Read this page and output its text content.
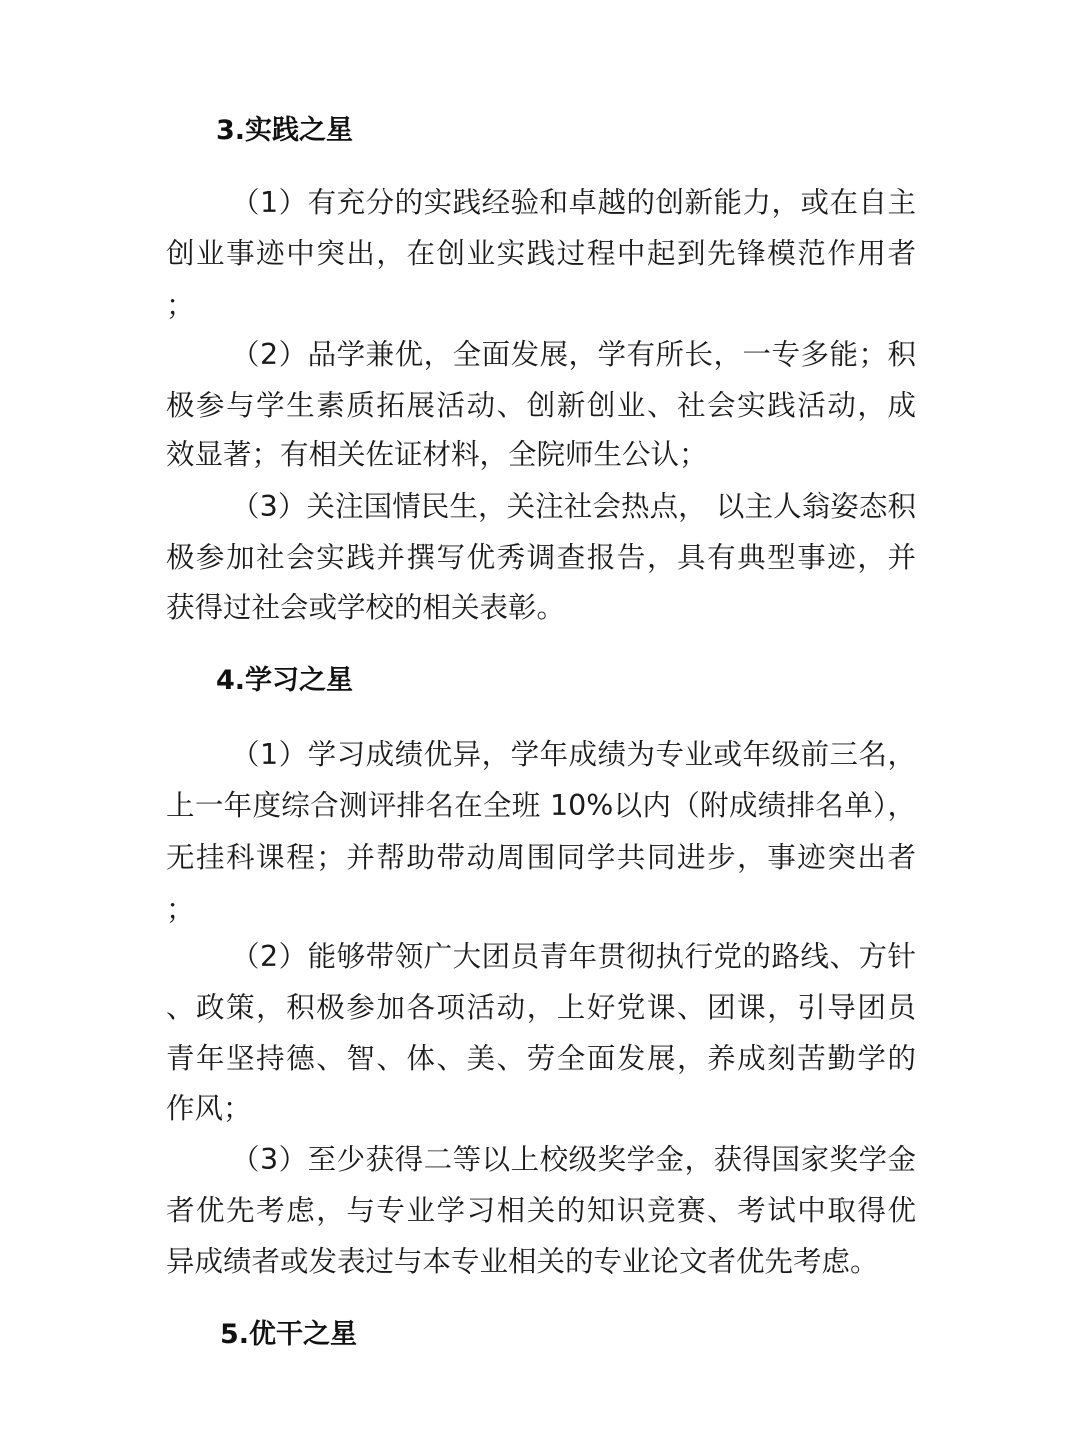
3.实践之星
（1）有充分的实践经验和卓越的创新能力，或在自主
创业事迹中突出，在创业实践过程中起到先锋模范作用者
；
（2）品学兼优，全面发展，学有所长，一专多能；积
极参与学生素质拓展活动、创新创业、社会实践活动，成
效显著；有相关佐证材料，全院师生公认；
（3）关注国情民生，关注社会热点， 以主人翁姿态积
极参加社会实践并撰写优秀调查报告，具有典型事迹，并
获得过社会或学校的相关表彰。
4.学习之星
（1）学习成绩优异，学年成绩为专业或年级前三名，
上一年度综合测评排名在全班 10%以内（附成绩排名单），
无挂科课程；并帮助带动周围同学共同进步，事迹突出者
；
（2）能够带领广大团员青年贯彻执行党的路线、方针
、政策，积极参加各项活动，上好党课、团课，引导团员
青年坚持德、智、体、美、劳全面发展，养成刻苦勤学的
作风；
（3）至少获得二等以上校级奖学金，获得国家奖学金
者优先考虑，与专业学习相关的知识竞赛、考试中取得优
异成绩者或发表过与本专业相关的专业论文者优先考虑。
5.优干之星
